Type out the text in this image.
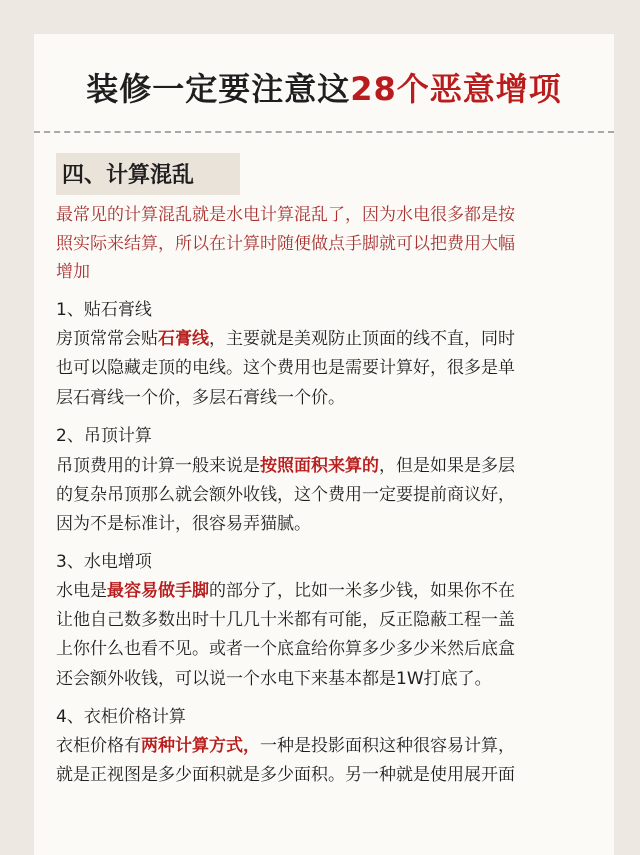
装修一定要注意这28个恶意增项
四、计算混乱
最常见的计算混乱就是水电计算混乱了，因为水电很多都是按
照实际来结算，所以在计算时随便做点手脚就可以把费用大幅
增加
1、贴石膏线
房顶常常会贴石膏线，主要就是美观防止顶面的线不直，同时
也可以隐藏走顶的电线。这个费用也是需要计算好，很多是单
层石膏线一个价，多层石膏线一个价。
2、吊顶计算
吊顶费用的计算一般来说是按照面积来算的，但是如果是多层
的复杂吊顶那么就会额外收钱，这个费用一定要提前商议好，
因为不是标准计，很容易弄猫腻。
3、水电增项
水电是最容易做手脚的部分了，比如一米多少钱，如果你不在
让他自己数多数出时十几几十米都有可能，反正隐蔽工程一盖
上你什么也看不见。或者一个底盒给你算多少多少米然后底盒
还会额外收钱，可以说一个水电下来基本都是1W打底了。
4、衣柜价格计算
衣柜价格有两种计算方式，一种是投影面积这种很容易计算，
就是正视图是多少面积就是多少面积。另一种就是使用展开面
